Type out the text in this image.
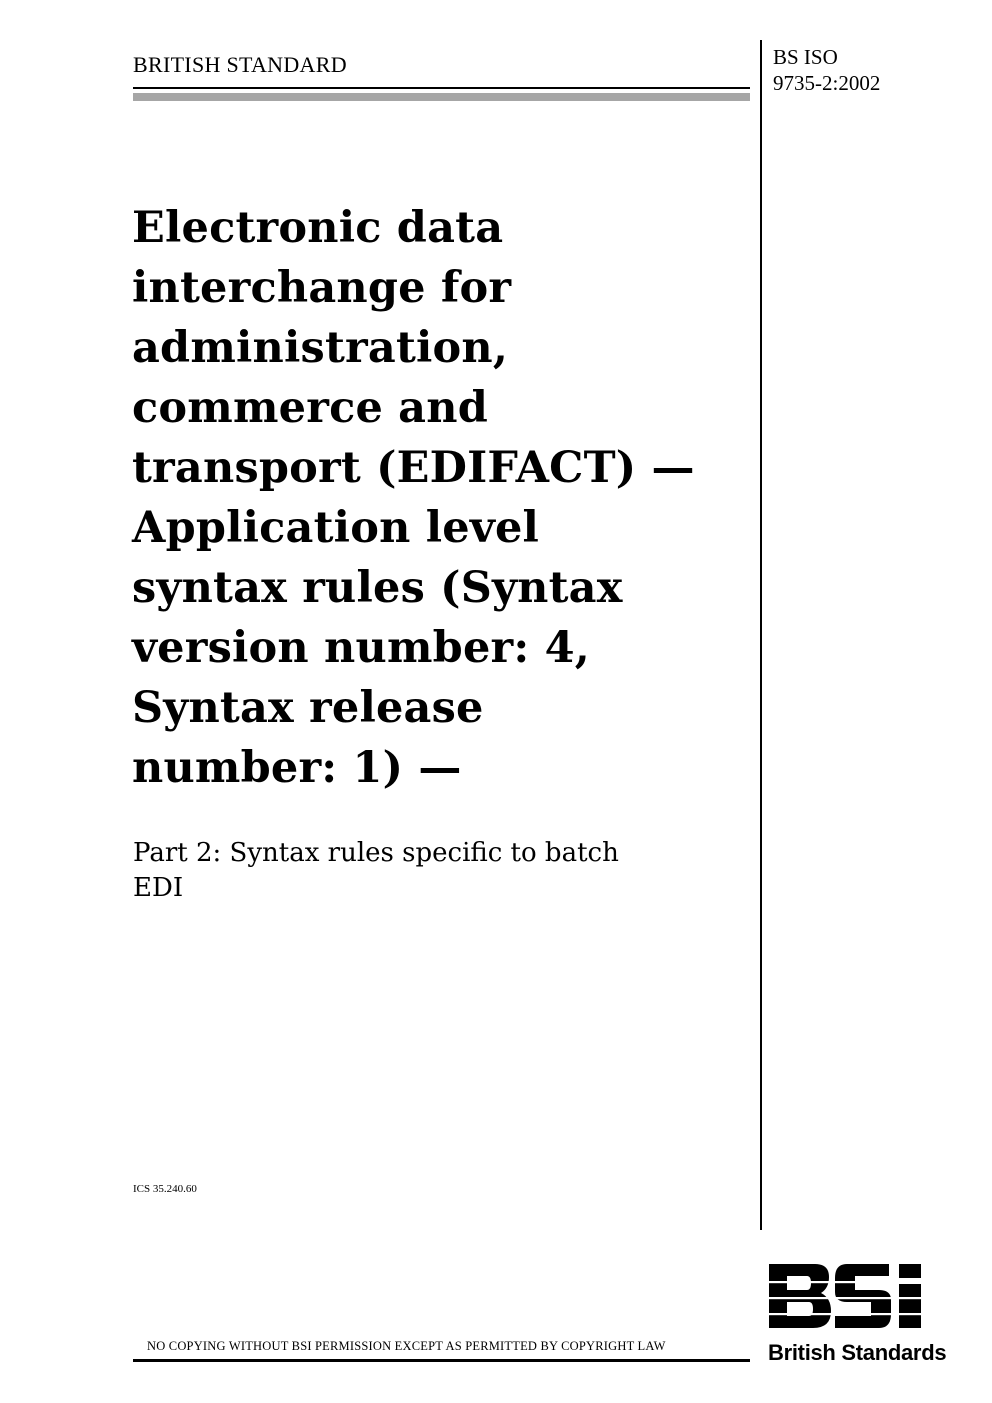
BRITISH STANDARD	BS ISO
9735-2:2002
Electronic data
interchange for
administration,
commerce and
transport (EDIFACT) —
Application level
syntax rules (Syntax
version number: 4,
Syntax release
number: 1) —
Part 2: Syntax rules specific to batch
EDI
ICS 35.240.60
British Standards
NO COPYING WITHOUT BSI PERMISSION EXCEPT AS PERMITTED BY COPYRIGHT LAW
